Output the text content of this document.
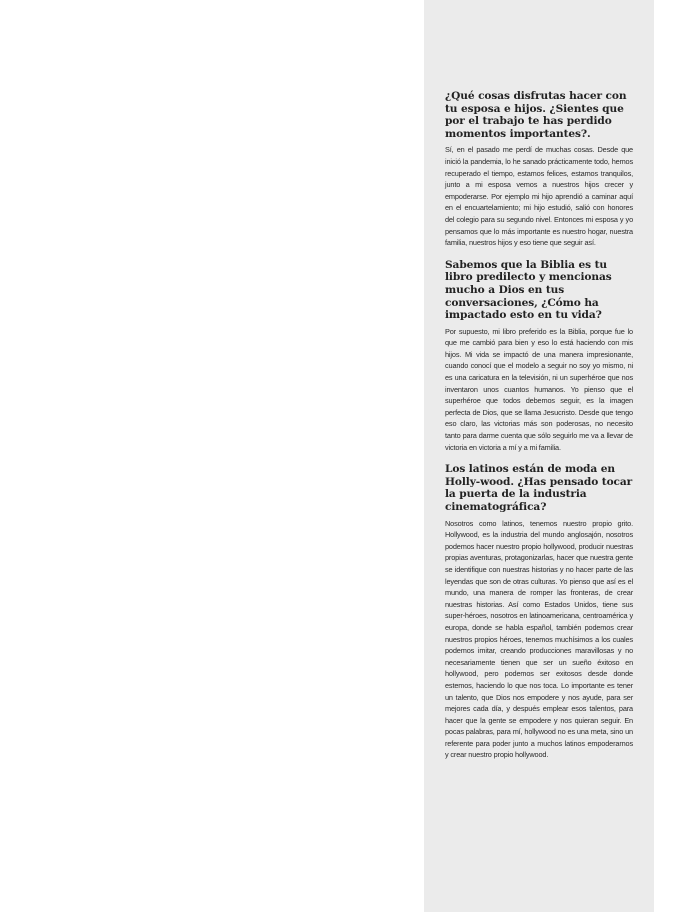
¿Qué cosas disfrutas hacer con tu esposa e hijos. ¿Sientes que por el trabajo te has perdido momentos importantes?.

Sí, en el pasado me perdí de muchas cosas. Desde que inició la pandemia, lo he sanado prácticamente todo, hemos recuperado el tiempo, estamos felices, estamos tranquilos, junto a mi esposa vemos a nuestros hijos crecer y empoderarse. Por ejemplo mi hijo aprendió a caminar aquí en el encuartelamiento; mi hijo estudió, salió con honores del colegio para su segundo nivel. Entonces mi esposa y yo pensamos que lo más importante es nuestro hogar, nuestra familia, nuestros hijos y eso tiene que seguir así.

Sabemos que la Biblia es tu libro predilecto y mencionas mucho a Dios en tus conversaciones, ¿Cómo ha impactado esto en tu vida?

Por supuesto, mi libro preferido es la Biblia, porque fue lo que me cambió para bien y eso lo está haciendo con mis hijos. Mi vida se impactó de una manera impresionante, cuando conocí que el modelo a seguir no soy yo mismo, ni es una caricatura en la televisión, ni un superhéroe que nos inventaron unos cuantos humanos. Yo pienso que el superhéroe que todos debemos seguir, es la imagen perfecta de Dios, que se llama Jesucristo. Desde que tengo eso claro, las victorias más son poderosas, no necesito tanto para darme cuenta que sólo seguirlo me va a llevar de victoria en victoria a mí y a mi familia.

Los latinos están de moda en Holly-wood. ¿Has pensado tocar la puerta de la industria cinematográfica?

Nosotros como latinos, tenemos nuestro propio grito. Hollywood, es la industria del mundo anglosajón, nosotros podemos hacer nuestro propio hollywood, producir nuestras propias aventuras, protagonizarlas, hacer que nuestra gente se identifique con nuestras historias y no hacer parte de las leyendas que son de otras culturas. Yo pienso que así es el mundo, una manera de romper las fronteras, de crear nuestras historias. Así como Estados Unidos, tiene sus super-héroes, nosotros en latinoamericana, centroamérica y europa, donde se habla español, también podemos crear nuestros propios héroes, tenemos muchísimos a los cuales podemos imitar, creando producciones maravillosas y no necesariamente tienen que ser un sueño éxitoso en hollywood, pero podemos ser exitosos desde donde estemos, haciendo lo que nos toca. Lo importante es tener un talento, que Dios nos empodere y nos ayude, para ser mejores cada día, y después emplear esos talentos, para hacer que la gente se empodere y nos quieran seguir. En pocas palabras, para mí, hollywood no es una meta, sino un referente para poder junto a muchos latinos empoderarnos y crear nuestro propio hollywood.
